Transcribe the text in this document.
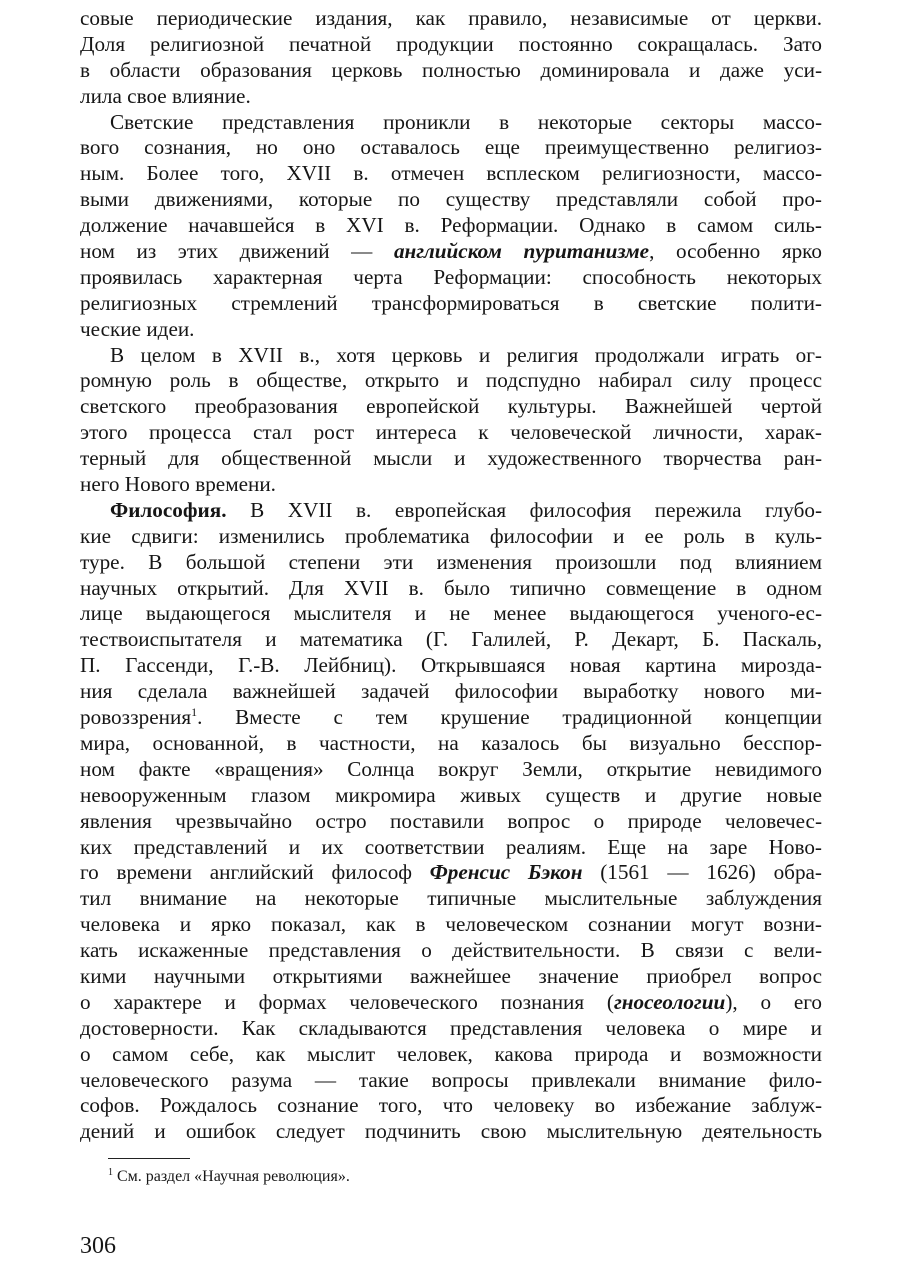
совые периодические издания, как правило, независимые от церкви.
Доля религиозной печатной продукции постоянно сокращалась. Зато
в области образования церковь полностью доминировала и даже уси-
лила свое влияние.
Светские представления проникли в некоторые секторы массо-
вого сознания, но оно оставалось еще преимущественно религиоз-
ным. Более того, XVII в. отмечен всплеском религиозности, массо-
выми движениями, которые по существу представляли собой про-
должение начавшейся в XVI в. Реформации. Однако в самом силь-
ном из этих движений — английском пуританизме, особенно ярко
проявилась характерная черта Реформации: способность некоторых
религиозных стремлений трансформироваться в светские полити-
ческие идеи.
В целом в XVII в., хотя церковь и религия продолжали играть ог-
ромную роль в обществе, открыто и подспудно набирал силу процесс
светского преобразования европейской культуры. Важнейшей чертой
этого процесса стал рост интереса к человеческой личности, харак-
терный для общественной мысли и художественного творчества ран-
него Нового времени.
Философия. В XVII в. европейская философия пережила глубо-
кие сдвиги: изменились проблематика философии и ее роль в куль-
туре. В большой степени эти изменения произошли под влиянием
научных открытий. Для XVII в. было типично совмещение в одном
лице выдающегося мыслителя и не менее выдающегося ученого-ес-
тествоиспытателя и математика (Г. Галилей, Р. Декарт, Б. Паскаль,
П. Гассенди, Г.-В. Лейбниц). Открывшаяся новая картина мирозда-
ния сделала важнейшей задачей философии выработку нового ми-
ровоззрения$^1$. Вместе с тем крушение традиционной концепции
мира, основанной, в частности, на казалось бы визуально бесспор-
ном факте «вращения» Солнца вокруг Земли, открытие невидимого
невооруженным глазом микромира живых существ и другие новые
явления чрезвычайно остро поставили вопрос о природе человечес-
ких представлений и их соответствии реалиям. Еще на заре Ново-
го времени английский философ Френсис Бэкон (1561 — 1626) обра-
тил внимание на некоторые типичные мыслительные заблуждения
человека и ярко показал, как в человеческом сознании могут возни-
кать искаженные представления о действительности. В связи с вели-
кими научными открытиями важнейшее значение приобрел вопрос
о характере и формах человеческого познания (гносеологии), о его
достоверности. Как складываются представления человека о мире и
о самом себе, как мыслит человек, какова природа и возможности
человеческого разума — такие вопросы привлекали внимание фило-
софов. Рождалось сознание того, что человеку во избежание заблуж-
дений и ошибок следует подчинить свою мыслительную деятельность
$^1$ См. раздел «Научная революция».
306
